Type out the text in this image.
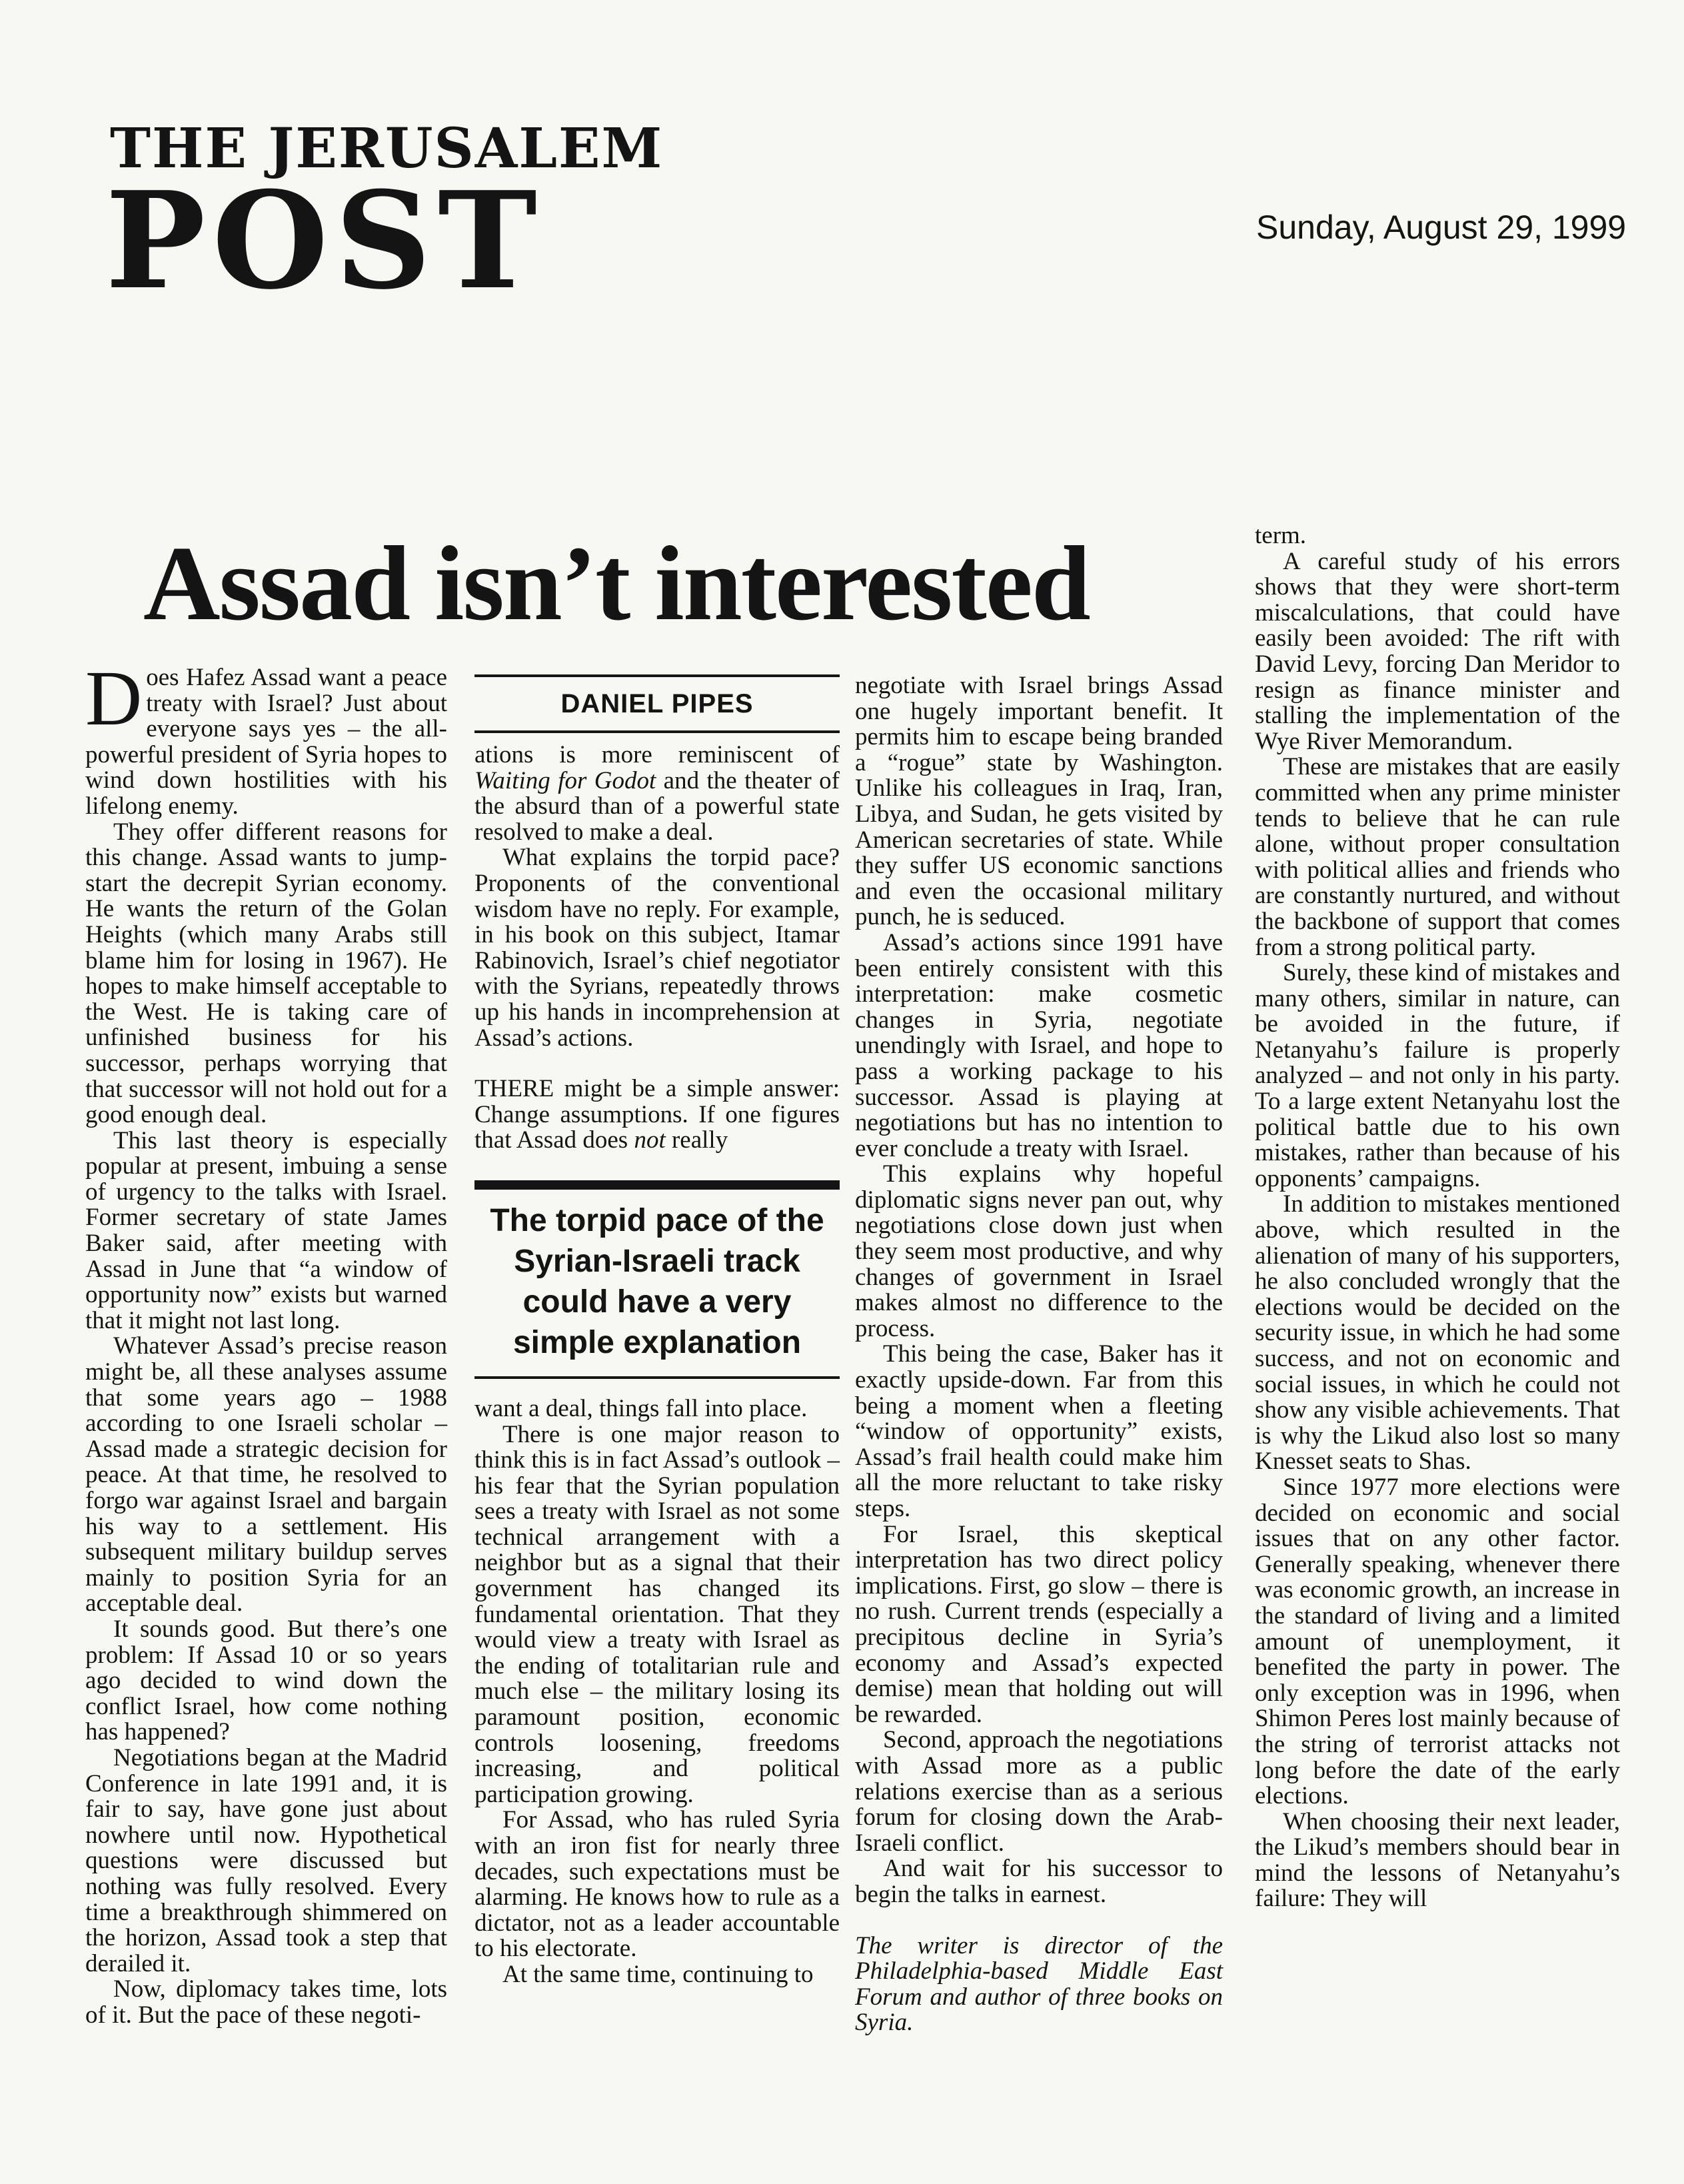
THE JERUSALEM
POST	Sunday, August 29, 1999
Assad isn’t interested
D oes Hafez Assad want a peace treaty with Israel? Just about everyone says yes – the all-powerful president of Syria hopes to wind down hostilities with his lifelong enemy.

They offer different reasons for this change. Assad wants to jump-start the decrepit Syrian economy. He wants the return of the Golan Heights (which many Arabs still blame him for losing in 1967). He hopes to make himself acceptable to the West. He is taking care of unfinished business for his successor, perhaps worrying that that successor will not hold out for a good enough deal.

This last theory is especially popular at present, imbuing a sense of urgency to the talks with Israel. Former secretary of state James Baker said, after meeting with Assad in June that “a window of opportunity now” exists but warned that it might not last long.

Whatever Assad’s precise reason might be, all these analyses assume that some years ago – 1988 according to one Israeli scholar – Assad made a strategic decision for peace. At that time, he resolved to forgo war against Israel and bargain his way to a settlement. His subsequent military buildup serves mainly to position Syria for an acceptable deal.

It sounds good. But there’s one problem: If Assad 10 or so years ago decided to wind down the conflict Israel, how come nothing has happened?

Negotiations began at the Madrid Conference in late 1991 and, it is fair to say, have gone just about nowhere until now. Hypothetical questions were discussed but nothing was fully resolved. Every time a breakthrough shimmered on the horizon, Assad took a step that derailed it.

Now, diplomacy takes time, lots of it. But the pace of these negoti-

DANIEL PIPES

ations is more reminiscent of Waiting for Godot and the theater of the absurd than of a powerful state resolved to make a deal.

What explains the torpid pace? Proponents of the conventional wisdom have no reply. For example, in his book on this subject, Itamar Rabinovich, Israel’s chief negotiator with the Syrians, repeatedly throws up his hands in incomprehension at Assad’s actions.

THERE might be a simple answer: Change assumptions. If one figures that Assad does not really

The torpid pace of the Syrian-Israeli track could have a very simple explanation

want a deal, things fall into place.

There is one major reason to think this is in fact Assad’s outlook – his fear that the Syrian population sees a treaty with Israel as not some technical arrangement with a neighbor but as a signal that their government has changed its fundamental orientation. That they would view a treaty with Israel as the ending of totalitarian rule and much else – the military losing its paramount position, economic controls loosening, freedoms increasing, and political participation growing.

For Assad, who has ruled Syria with an iron fist for nearly three decades, such expectations must be alarming. He knows how to rule as a dictator, not as a leader accountable to his electorate.

At the same time, continuing to

negotiate with Israel brings Assad one hugely important benefit. It permits him to escape being branded a “rogue” state by Washington. Unlike his colleagues in Iraq, Iran, Libya, and Sudan, he gets visited by American secretaries of state. While they suffer US economic sanctions and even the occasional military punch, he is seduced.

Assad’s actions since 1991 have been entirely consistent with this interpretation: make cosmetic changes in Syria, negotiate unendingly with Israel, and hope to pass a working package to his successor. Assad is playing at negotiations but has no intention to ever conclude a treaty with Israel.

This explains why hopeful diplomatic signs never pan out, why negotiations close down just when they seem most productive, and why changes of government in Israel makes almost no difference to the process.

This being the case, Baker has it exactly upside-down. Far from this being a moment when a fleeting “window of opportunity” exists, Assad’s frail health could make him all the more reluctant to take risky steps.

For Israel, this skeptical interpretation has two direct policy implications. First, go slow – there is no rush. Current trends (especially a precipitous decline in Syria’s economy and Assad’s expected demise) mean that holding out will be rewarded.

Second, approach the negotiations with Assad more as a public relations exercise than as a serious forum for closing down the Arab-Israeli conflict.

And wait for his successor to begin the talks in earnest.

The writer is director of the Philadelphia-based Middle East Forum and author of three books on Syria.

term.

A careful study of his errors shows that they were short-term miscalculations, that could have easily been avoided: The rift with David Levy, forcing Dan Meridor to resign as finance minister and stalling the implementation of the Wye River Memorandum.

These are mistakes that are easily committed when any prime minister tends to believe that he can rule alone, without proper consultation with political allies and friends who are constantly nurtured, and without the backbone of support that comes from a strong political party.

Surely, these kind of mistakes and many others, similar in nature, can be avoided in the future, if Netanyahu’s failure is properly analyzed – and not only in his party. To a large extent Netanyahu lost the political battle due to his own mistakes, rather than because of his opponents’ campaigns.

In addition to mistakes mentioned above, which resulted in the alienation of many of his supporters, he also concluded wrongly that the elections would be decided on the security issue, in which he had some success, and not on economic and social issues, in which he could not show any visible achievements. That is why the Likud also lost so many Knesset seats to Shas.

Since 1977 more elections were decided on economic and social issues that on any other factor. Generally speaking, whenever there was economic growth, an increase in the standard of living and a limited amount of unemployment, it benefited the party in power. The only exception was in 1996, when Shimon Peres lost mainly because of the string of terrorist attacks not long before the date of the early elections.

When choosing their next leader, the Likud’s members should bear in mind the lessons of Netanyahu’s failure: They will
